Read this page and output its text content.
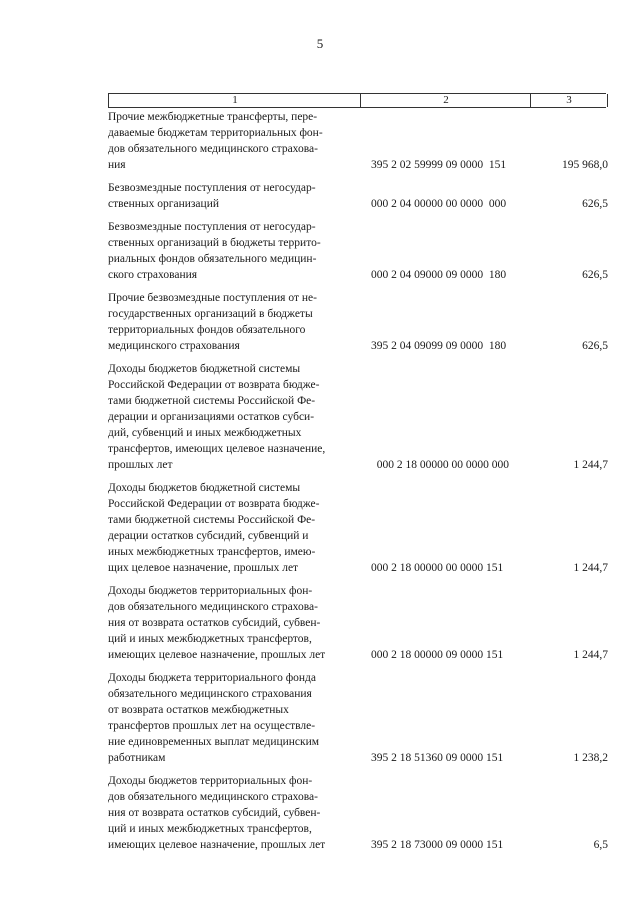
5
1	2	3
Прочие межбюджетные трансферты, пере-
даваемые бюджетам территориальных фон-
дов обязательного медицинского страхова-
ния	395 2 02 59999 09 0000  151	195 968,0
Безвозмездные поступления от негосудар-
ственных организаций	000 2 04 00000 00 0000  000	626,5
Безвозмездные поступления от негосудар-
ственных организаций в бюджеты террито-
риальных фондов обязательного медицин-
ского страхования	000 2 04 09000 09 0000  180	626,5
Прочие безвозмездные поступления от не-
государственных организаций в бюджеты
территориальных фондов обязательного
медицинского страхования	395 2 04 09099 09 0000  180	626,5
Доходы бюджетов бюджетной системы
Российской Федерации от возврата бюдже-
тами бюджетной системы Российской Фе-
дерации и организациями остатков субси-
дий, субвенций и иных межбюджетных
трансфертов, имеющих целевое назначение,
прошлых лет	000 2 18 00000 00 0000 000	1 244,7
Доходы бюджетов бюджетной системы
Российской Федерации от возврата бюдже-
тами бюджетной системы Российской Фе-
дерации остатков субсидий, субвенций и
иных межбюджетных трансфертов, имею-
щих целевое назначение, прошлых лет	000 2 18 00000 00 0000 151	1 244,7
Доходы бюджетов территориальных фон-
дов обязательного медицинского страхова-
ния от возврата остатков субсидий, субвен-
ций и иных межбюджетных трансфертов,
имеющих целевое назначение, прошлых лет	000 2 18 00000 09 0000 151	1 244,7
Доходы бюджета территориального фонда
обязательного медицинского страхования
от возврата остатков межбюджетных
трансфертов прошлых лет на осуществле-
ние единовременных выплат медицинским
работникам	395 2 18 51360 09 0000 151	1 238,2
Доходы бюджетов территориальных фон-
дов обязательного медицинского страхова-
ния от возврата остатков субсидий, субвен-
ций и иных межбюджетных трансфертов,
имеющих целевое назначение, прошлых лет	395 2 18 73000 09 0000 151	6,5
